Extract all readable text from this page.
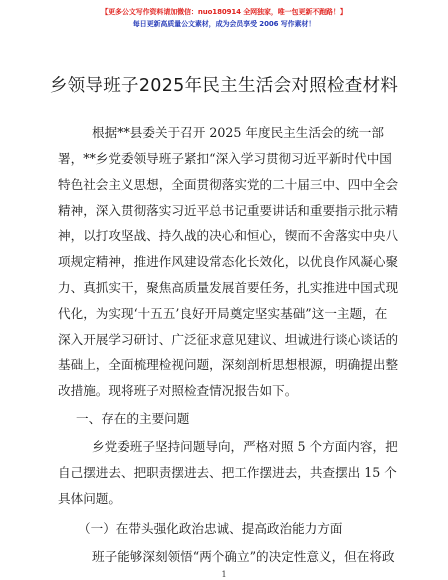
【更多公文写作资料请加微信：nuo180914 全网独家，唯一包更新不跑路！】
每日更新高质量公文素材，成为会员享受 2006 写作素材！
乡领导班子2025年民主生活会对照检查材料
根据**县委关于召开 2025 年度民主生活会的统一部
署，**乡党委领导班子紧扣“深入学习贯彻习近平新时代中国
特色社会主义思想，全面贯彻落实党的二十届三中、四中全会
精神，深入贯彻落实习近平总书记重要讲话和重要指示批示精
神，以打攻坚战、持久战的决心和恒心，锲而不舍落实中央八
项规定精神，推进作风建设常态化长效化，以优良作风凝心聚
力、真抓实干，聚焦高质量发展首要任务，扎实推进中国式现
代化，为实现‘十五五’良好开局奠定坚实基础”这一主题，在
深入开展学习研讨、广泛征求意见建议、坦诚进行谈心谈话的
基础上，全面梳理检视问题，深刻剖析思想根源，明确提出整
改措施。现将班子对照检查情况报告如下。
一、存在的主要问题
乡党委班子坚持问题导向，严格对照 5 个方面内容，把
自己摆进去、把职责摆进去、把工作摆进去，共查摆出 15 个
具体问题。
（一）在带头强化政治忠诚、提高政治能力方面
班子能够深刻领悟“两个确立”的决定性意义，但在将政
1
